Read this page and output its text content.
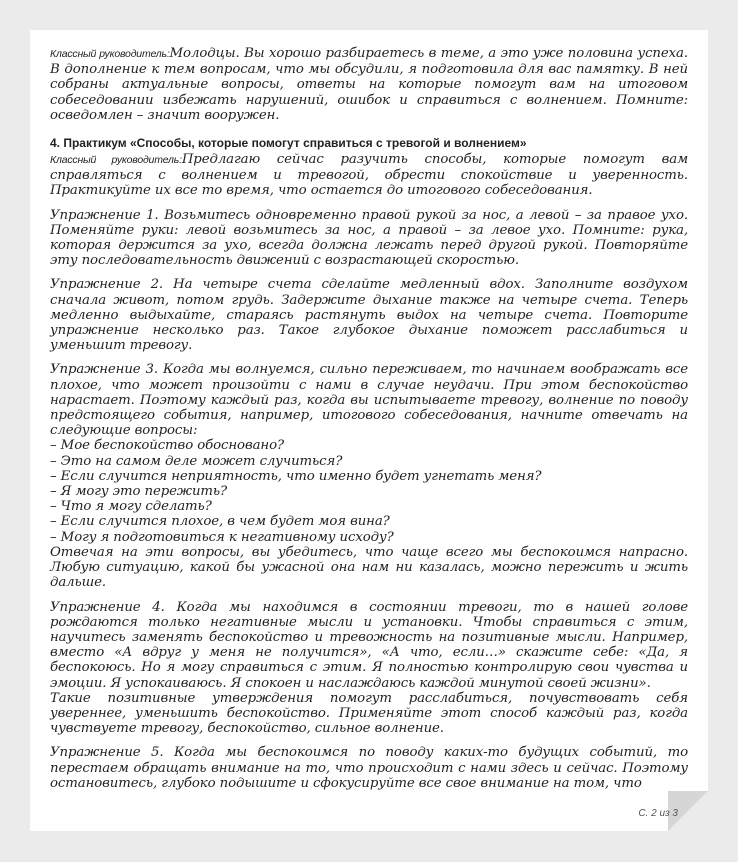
Классный руководитель:Молодцы. Вы хорошо разбираетесь в теме, а это уже половина успеха. В дополнение к тем вопросам, что мы обсудили, я подготовила для вас памятку. В ней собраны актуальные вопросы, ответы на которые помогут вам на итоговом собеседовании избежать нарушений, ошибок и справиться с волнением. Помните: осведомлен – значит вооружен.

4. Практикум «Способы, которые помогут справиться с тревогой и волнением»

Классный руководитель:Предлагаю сейчас разучить способы, которые помогут вам справляться с волнением и тревогой, обрести спокойствие и уверенность. Практикуйте их все то время, что остается до итогового собеседования.

Упражнение 1. Возьмитесь одновременно правой рукой за нос, а левой – за правое ухо. Поменяйте руки: левой возьмитесь за нос, а правой – за левое ухо. Помните: рука, которая держится за ухо, всегда должна лежать перед другой рукой. Повторяйте эту последовательность движений с возрастающей скоростью.

Упражнение 2. На четыре счета сделайте медленный вдох. Заполните воздухом сначала живот, потом грудь. Задержите дыхание также на четыре счета. Теперь медленно выдыхайте, стараясь растянуть выдох на четыре счета. Повторите упражнение несколько раз. Такое глубокое дыхание поможет расслабиться и уменьшит тревогу.

Упражнение 3. Когда мы волнуемся, сильно переживаем, то начинаем воображать все плохое, что может произойти с нами в случае неудачи. При этом беспокойство нарастает. Поэтому каждый раз, когда вы испытываете тревогу, волнение по поводу предстоящего события, например, итогового собеседования, начните отвечать на следующие вопросы:
– Мое беспокойство обосновано?
– Это на самом деле может случиться?
– Если случится неприятность, что именно будет угнетать меня?
– Я могу это пережить?
– Что я могу сделать?
– Если случится плохое, в чем будет моя вина?
– Могу я подготовиться к негативному исходу?
Отвечая на эти вопросы, вы убедитесь, что чаще всего мы беспокоимся напрасно. Любую ситуацию, какой бы ужасной она нам ни казалась, можно пережить и жить дальше.
Упражнение 4. Когда мы находимся в состоянии тревоги, то в нашей голове рождаются только негативные мысли и установки. Чтобы справиться с этим, научитесь заменять беспокойство и тревожность на позитивные мысли. Например, вместо «А вдруг у меня не получится», «А что, если…» скажите себе: «Да, я беспокоюсь. Но я могу справиться с этим. Я полностью контролирую свои чувства и эмоции. Я успокаиваюсь. Я спокоен и наслаждаюсь каждой минутой своей жизни».
Такие позитивные утверждения помогут расслабиться, почувствовать себя увереннее, уменьшить беспокойство. Применяйте этот способ каждый раз, когда чувствуете тревогу, беспокойство, сильное волнение.

Упражнение 5. Когда мы беспокоимся по поводу каких-то будущих событий, то перестаем обращать внимание на то, что происходит с нами здесь и сейчас. Поэтому остановитесь, глубоко подышите и сфокусируйте все свое внимание на том, что

С. 2 из 3
